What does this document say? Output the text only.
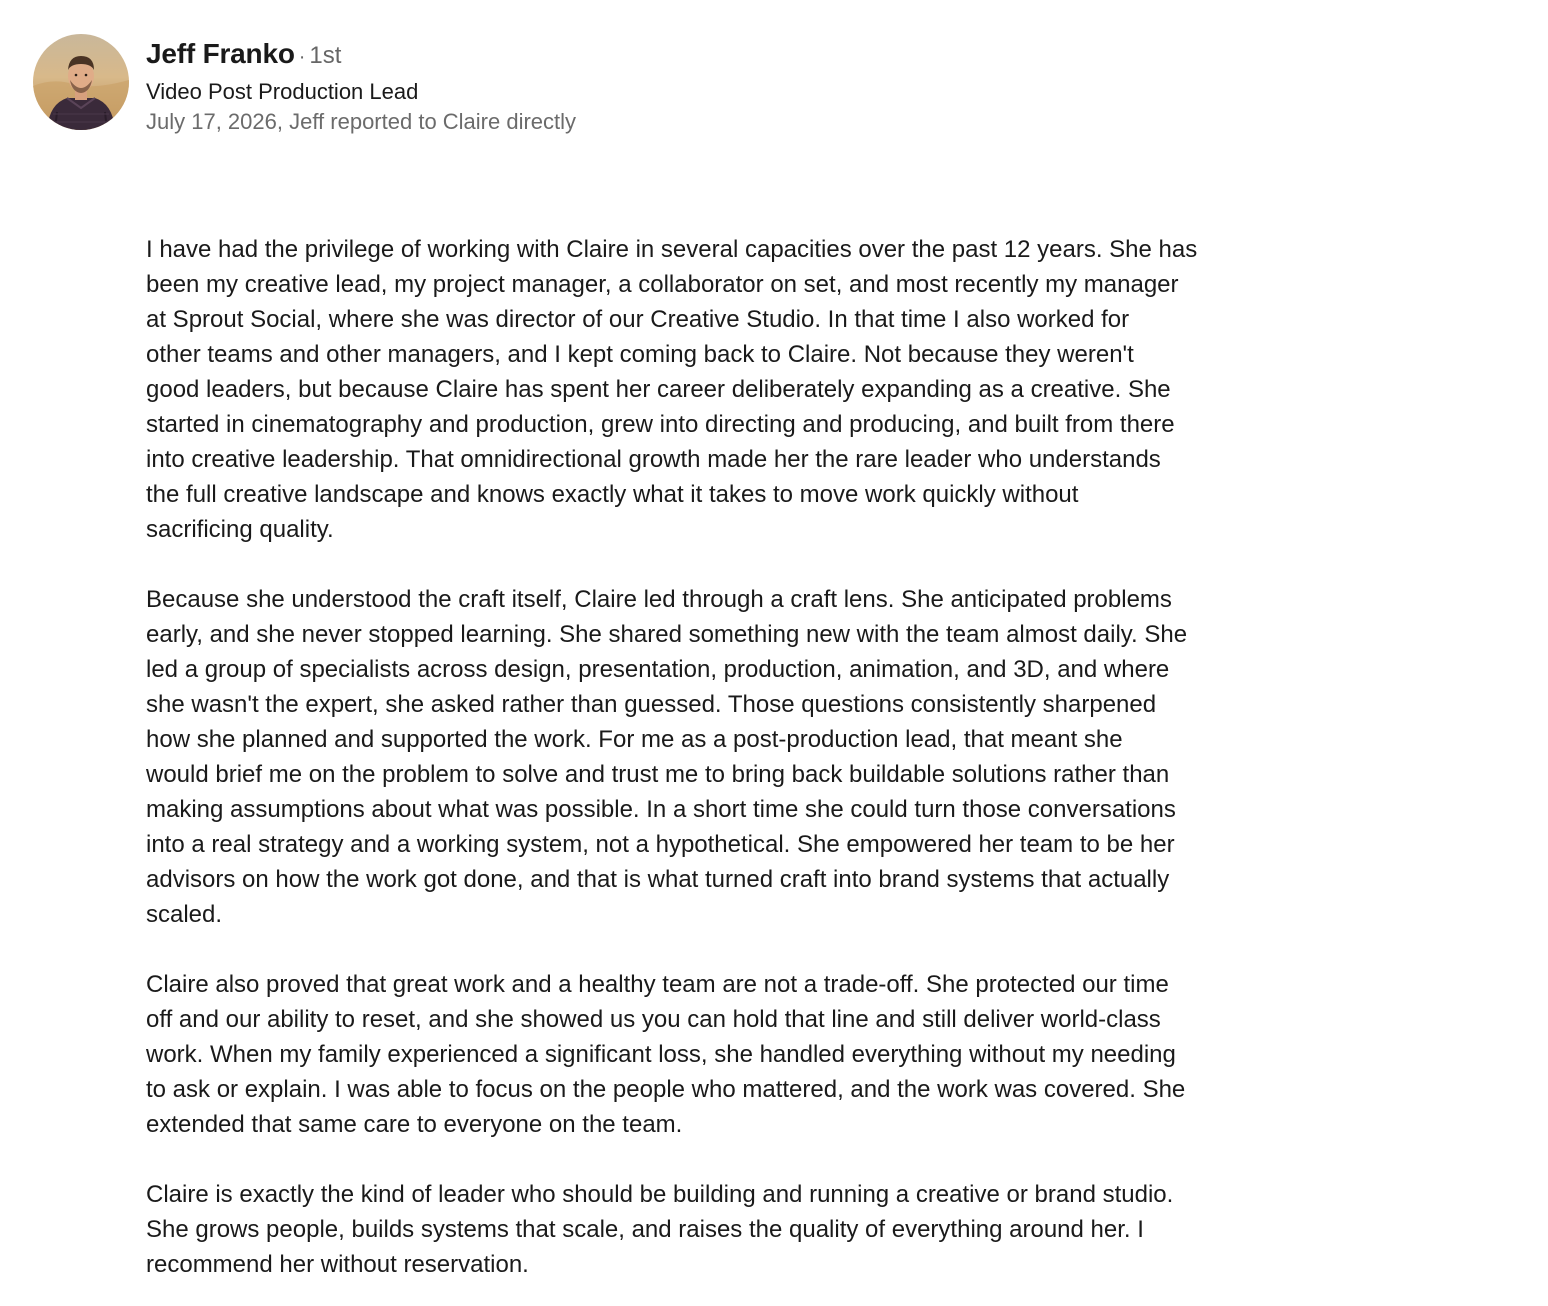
Jeff Franko · 1st
Video Post Production Lead
July 17, 2026, Jeff reported to Claire directly

I have had the privilege of working with Claire in several capacities over the past 12 years. She has
been my creative lead, my project manager, a collaborator on set, and most recently my manager
at Sprout Social, where she was director of our Creative Studio. In that time I also worked for
other teams and other managers, and I kept coming back to Claire. Not because they weren't
good leaders, but because Claire has spent her career deliberately expanding as a creative. She
started in cinematography and production, grew into directing and producing, and built from there
into creative leadership. That omnidirectional growth made her the rare leader who understands
the full creative landscape and knows exactly what it takes to move work quickly without
sacrificing quality.

Because she understood the craft itself, Claire led through a craft lens. She anticipated problems
early, and she never stopped learning. She shared something new with the team almost daily. She
led a group of specialists across design, presentation, production, animation, and 3D, and where
she wasn't the expert, she asked rather than guessed. Those questions consistently sharpened
how she planned and supported the work. For me as a post-production lead, that meant she
would brief me on the problem to solve and trust me to bring back buildable solutions rather than
making assumptions about what was possible. In a short time she could turn those conversations
into a real strategy and a working system, not a hypothetical. She empowered her team to be her
advisors on how the work got done, and that is what turned craft into brand systems that actually
scaled.

Claire also proved that great work and a healthy team are not a trade-off. She protected our time
off and our ability to reset, and she showed us you can hold that line and still deliver world-class
work. When my family experienced a significant loss, she handled everything without my needing
to ask or explain. I was able to focus on the people who mattered, and the work was covered. She
extended that same care to everyone on the team.

Claire is exactly the kind of leader who should be building and running a creative or brand studio.
She grows people, builds systems that scale, and raises the quality of everything around her. I
recommend her without reservation.
